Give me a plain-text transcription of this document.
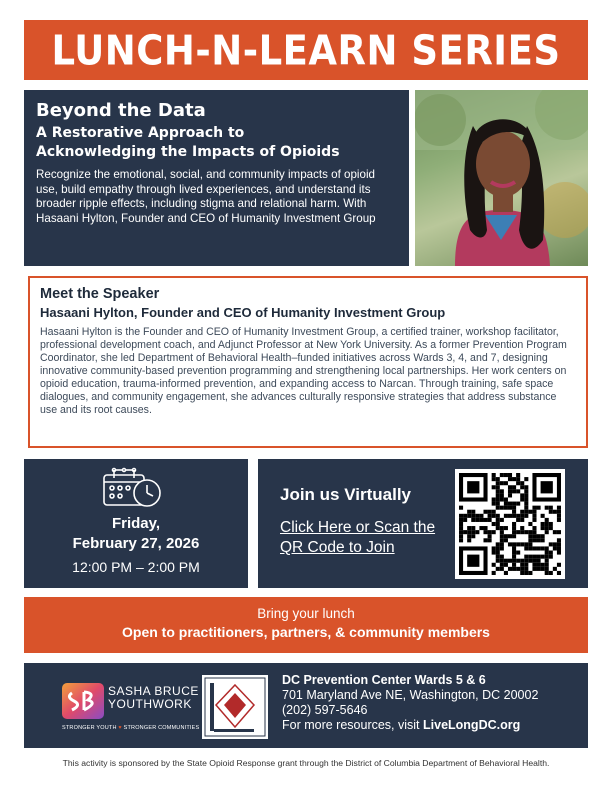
LUNCH-N-LEARN SERIES
Beyond the Data
A Restorative Approach to
Acknowledging the Impacts of Opioids
Recognize the emotional, social, and community impacts of opioid use, build empathy through lived experiences, and understand its broader ripple effects, including stigma and relational harm. With Hasaani Hylton, Founder and CEO of Humanity Investment Group
Meet the Speaker
Hasaani Hylton, Founder and CEO of Humanity Investment Group
Hasaani Hylton is the Founder and CEO of Humanity Investment Group, a certified trainer, workshop facilitator, professional development coach, and Adjunct Professor at New York University. As a former Prevention Program Coordinator, she led Department of Behavioral Health–funded initiatives across Wards 3, 4, and 7, designing innovative community-based prevention programming and strengthening local partnerships. Her work centers on opioid education, trauma-informed prevention, and expanding access to Narcan. Through training, safe space dialogues, and community engagement, she advances culturally responsive strategies that address substance use and its root causes.
Friday,
February 27, 2026
12:00 PM – 2:00 PM
Join us Virtually
Click Here or Scan the QR Code to Join
Bring your lunch
Open to practitioners, partners, & community members
SASHA BRUCE
YOUTHWORK
STRONGER YOUTH ♥ STRONGER COMMUNITIES
DC Prevention Center Wards 5 & 6
701 Maryland Ave NE, Washington, DC 20002
(202) 597-5646
For more resources, visit LiveLongDC.org
This activity is sponsored by the State Opioid Response grant through the District of Columbia Department of Behavioral Health.
